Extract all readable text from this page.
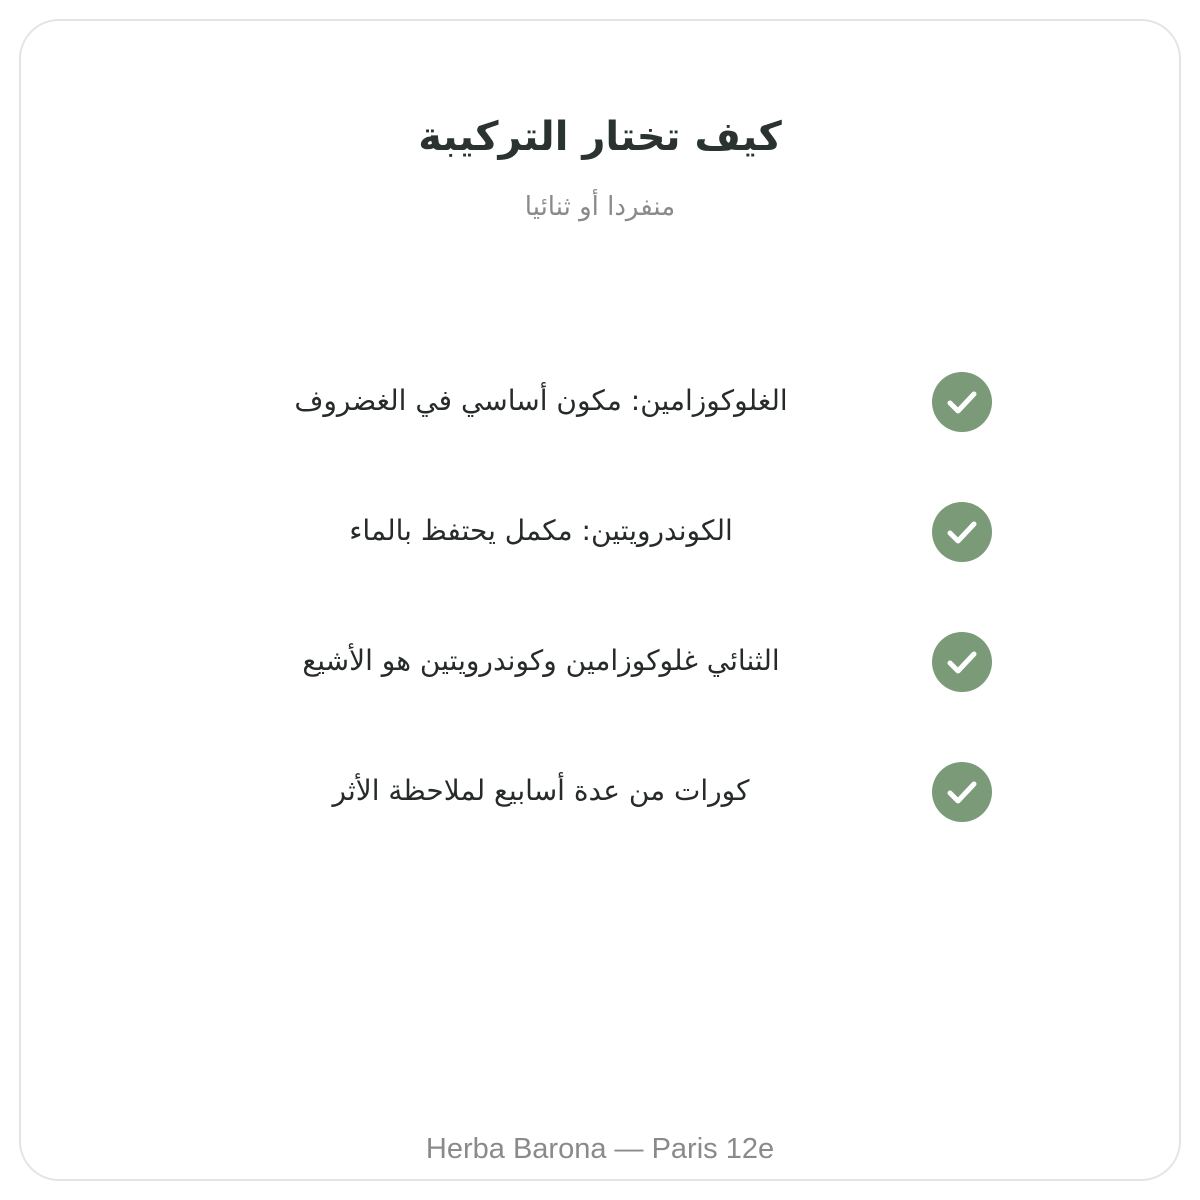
كيف تختار التركيبة
منفردا أو ثنائيا
الغلوكوزامين: مكون أساسي في الغضروف
الكوندرويتين: مكمل يحتفظ بالماء
الثنائي غلوكوزامين وكوندرويتين هو الأشيع
كورات من عدة أسابيع لملاحظة الأثر
Herba Barona — Paris 12e
